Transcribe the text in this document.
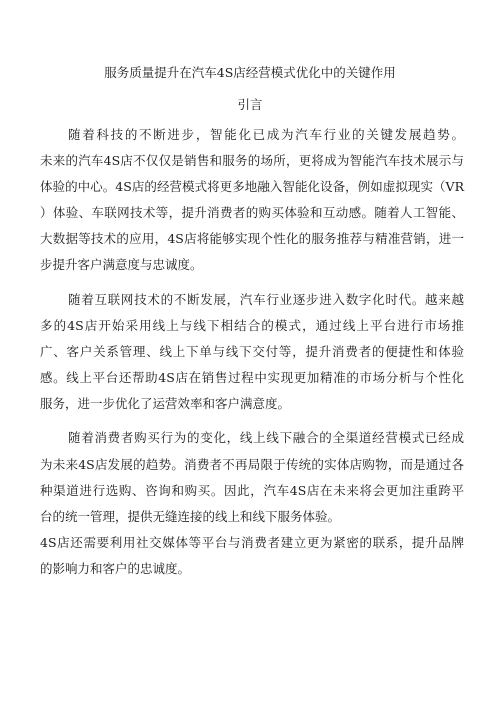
服务质量提升在汽车4S店经营模式优化中的关键作用
引言
随着科技的不断进步，智能化已成为汽车行业的关键发展趋势。
未来的汽车4S店不仅仅是销售和服务的场所，更将成为智能汽车技术展示与
体验的中心。4S店的经营模式将更多地融入智能化设备，例如虚拟现实（VR
）体验、车联网技术等，提升消费者的购买体验和互动感。随着人工智能、
大数据等技术的应用，4S店将能够实现个性化的服务推荐与精准营销，进一
步提升客户满意度与忠诚度。
随着互联网技术的不断发展，汽车行业逐步进入数字化时代。越来越
多的4S店开始采用线上与线下相结合的模式，通过线上平台进行市场推
广、客户关系管理、线上下单与线下交付等，提升消费者的便捷性和体验
感。线上平台还帮助4S店在销售过程中实现更加精准的市场分析与个性化
服务，进一步优化了运营效率和客户满意度。
随着消费者购买行为的变化，线上线下融合的全渠道经营模式已经成
为未来4S店发展的趋势。消费者不再局限于传统的实体店购物，而是通过各
种渠道进行选购、咨询和购买。因此，汽车4S店在未来将会更加注重跨平
台的统一管理，提供无缝连接的线上和线下服务体验。
4S店还需要利用社交媒体等平台与消费者建立更为紧密的联系，提升品牌
的影响力和客户的忠诚度。
